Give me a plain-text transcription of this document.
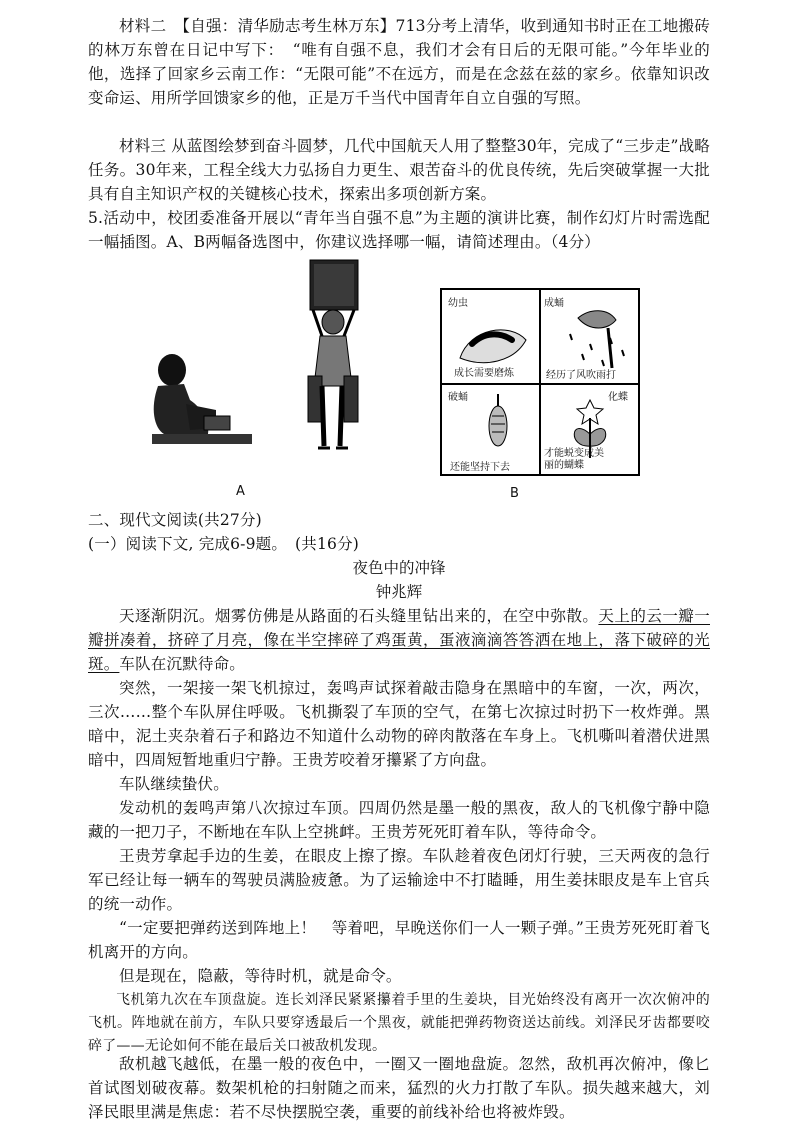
材料二　【自强：清华励志考生林万东】713分考上清华，收到通知书时正在工地搬砖的林万东曾在日记中写下：　“唯有自强不息，我们才会有日后的无限可能。”今年毕业的他，选择了回家乡云南工作：“无限可能”不在远方，而是在念兹在兹的家乡。依靠知识改变命运、用所学回馈家乡的他，正是万千当代中国青年自立自强的写照。

材料三 从蓝图绘梦到奋斗圆梦，几代中国航天人用了整整30年，完成了“三步走”战略任务。30年来，工程全线大力弘扬自力更生、艰苦奋斗的优良传统，先后突破掌握一大批具有自主知识产权的关键核心技术，探索出多项创新方案。

5.活动中，校团委准备开展以“青年当自强不息”为主题的演讲比赛，制作幻灯片时需选配一幅插图。A、B两幅备选图中，你建议选择哪一幅，请简述理由。（4分）

A
幼虫
成长需要磨炼
成蛹
经历了风吹雨打
破蛹
还能坚持下去
化蝶
才能蜕变成美丽的蝴蝶
B

二、现代文阅读(共27分)

(一）阅读下文, 完成6-9题。　(共16分)

夜色中的冲锋

钟兆辉

天逐渐阴沉。烟雾仿佛是从路面的石头缝里钻出来的，在空中弥散。天上的云一瓣一瓣拼凑着，挤碎了月亮，像在半空摔碎了鸡蛋黄，蛋液滴滴答答洒在地上，落下破碎的光斑。车队在沉默待命。

突然，一架接一架飞机掠过，轰鸣声试探着敲击隐身在黑暗中的车窗，一次，两次，三次……整个车队屏住呼吸。飞机撕裂了车顶的空气，在第七次掠过时扔下一枚炸弹。黑暗中，泥土夹杂着石子和路边不知道什么动物的碎肉散落在车身上。飞机嘶叫着潜伏进黑暗中，四周短暂地重归宁静。王贵芳咬着牙攥紧了方向盘。

车队继续蛰伏。

发动机的轰鸣声第八次掠过车顶。四周仍然是墨一般的黑夜，敌人的飞机像宁静中隐藏的一把刀子，不断地在车队上空挑衅。王贵芳死死盯着车队，等待命令。

王贵芳拿起手边的生姜，在眼皮上擦了擦。车队趁着夜色闭灯行驶，三天两夜的急行军已经让每一辆车的驾驶员满脸疲惫。为了运输途中不打瞌睡，用生姜抹眼皮是车上官兵的统一动作。

“一定要把弹药送到阵地上！　等着吧，早晚送你们一人一颗子弹。”王贵芳死死盯着飞机离开的方向。

但是现在，隐蔽，等待时机，就是命令。

飞机第九次在车顶盘旋。连长刘泽民紧紧攥着手里的生姜块，目光始终没有离开一次次俯冲的飞机。阵地就在前方，车队只要穿透最后一个黑夜，就能把弹药物资送达前线。刘泽民牙齿都要咬碎了——无论如何不能在最后关口被敌机发现。

敌机越飞越低，在墨一般的夜色中，一圈又一圈地盘旋。忽然，敌机再次俯冲，像匕首试图划破夜幕。数架机枪的扫射随之而来，猛烈的火力打散了车队。损失越来越大，刘泽民眼里满是焦虑：若不尽快摆脱空袭，重要的前线补给也将被炸毁。
